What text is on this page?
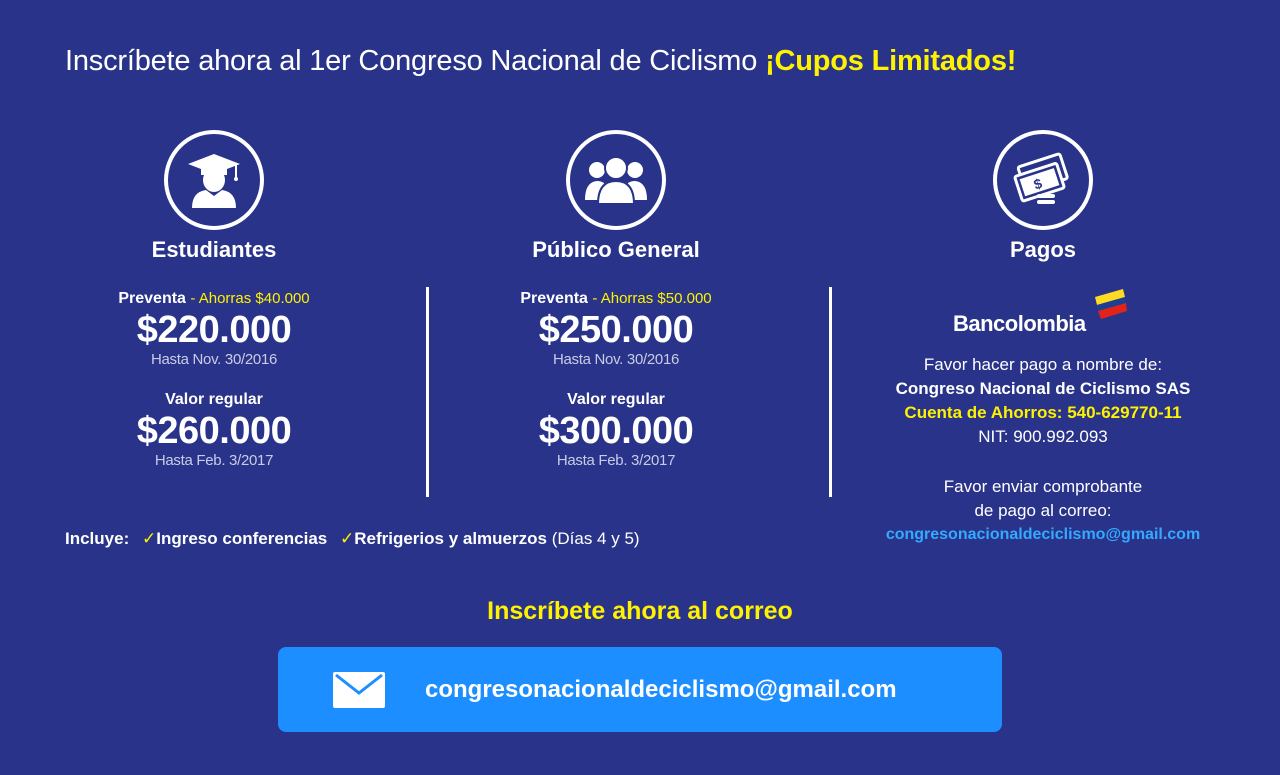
Inscríbete ahora al 1er Congreso Nacional de Ciclismo ¡Cupos Limitados!
Estudiantes
Preventa - Ahorras $40.000
$220.000
Hasta Nov. 30/2016
Valor regular
$260.000
Hasta Feb. 3/2017
Público General
Preventa - Ahorras $50.000
$250.000
Hasta Nov. 30/2016
Valor regular
$300.000
Hasta Feb. 3/2017
$
Pagos
Bancolombia
Favor hacer pago a nombre de:
Congreso Nacional de Ciclismo SAS
Cuenta de Ahorros: 540-629770-11
NIT: 900.992.093
Favor enviar comprobante
de pago al correo:
congresonacionaldeciclismo@gmail.com
Incluye: ✓Ingreso conferencias ✓Refrigerios y almuerzos (Días 4 y 5)
Inscríbete ahora al correo
congresonacionaldeciclismo@gmail.com
